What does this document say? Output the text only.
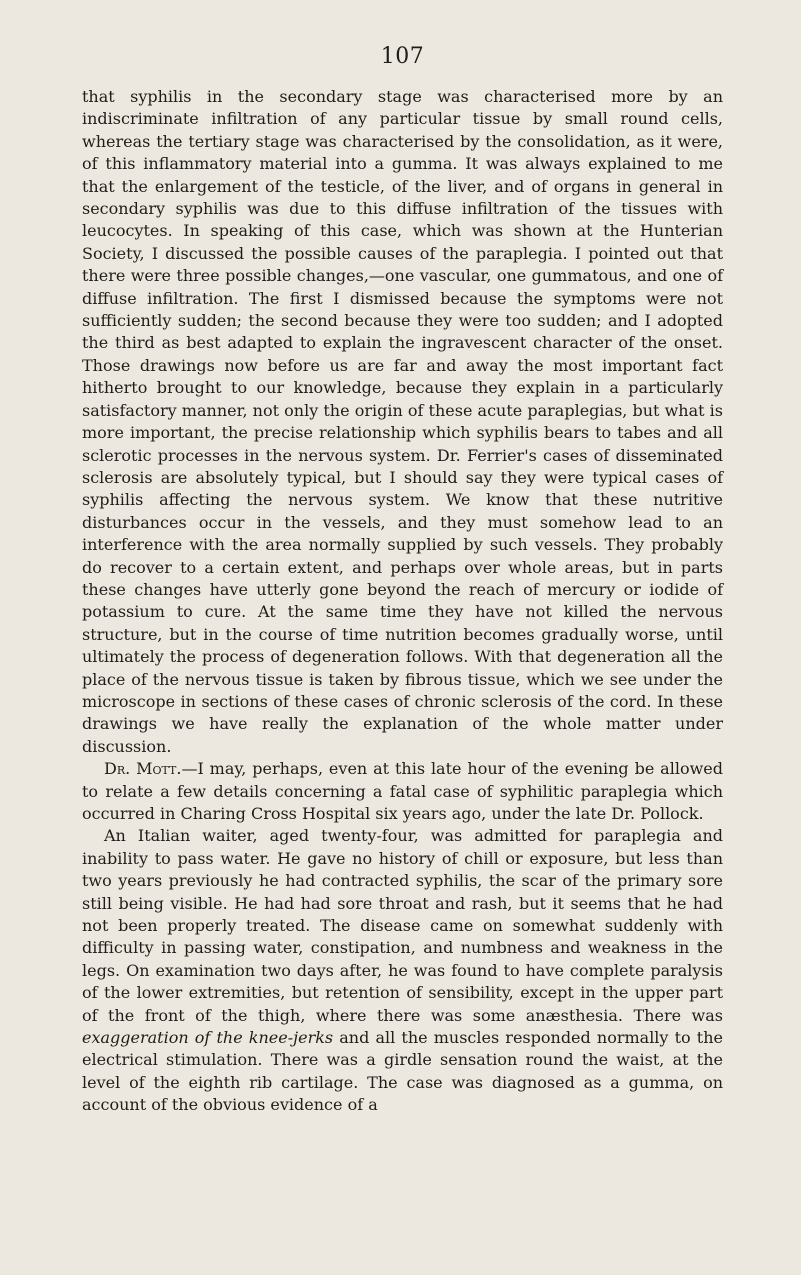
107

that syphilis in the secondary stage was characterised more by an indiscriminate infiltration of any particular tissue by small round cells, whereas the tertiary stage was characterised by the consolidation, as it were, of this inflammatory material into a gumma. It was always explained to me that the enlargement of the testicle, of the liver, and of organs in general in secondary syphilis was due to this diffuse infiltration of the tissues with leucocytes. In speaking of this case, which was shown at the Hunterian Society, I discussed the possible causes of the paraplegia. I pointed out that there were three possible changes,—one vascular, one gummatous, and one of diffuse infiltration. The first I dismissed because the symptoms were not sufficiently sudden; the second because they were too sudden; and I adopted the third as best adapted to explain the ingravescent character of the onset. Those drawings now before us are far and away the most important fact hitherto brought to our knowledge, because they explain in a particularly satisfactory manner, not only the origin of these acute paraplegias, but what is more important, the precise relationship which syphilis bears to tabes and all sclerotic processes in the nervous system. Dr. Ferrier's cases of disseminated sclerosis are absolutely typical, but I should say they were typical cases of syphilis affecting the nervous system. We know that these nutritive disturbances occur in the vessels, and they must somehow lead to an interference with the area normally supplied by such vessels. They probably do recover to a certain extent, and perhaps over whole areas, but in parts these changes have utterly gone beyond the reach of mercury or iodide of potassium to cure. At the same time they have not killed the nervous structure, but in the course of time nutrition becomes gradually worse, until ultimately the process of degeneration follows. With that degeneration all the place of the nervous tissue is taken by fibrous tissue, which we see under the microscope in sections of these cases of chronic sclerosis of the cord. In these drawings we have really the explanation of the whole matter under discussion.

Dr. Mott.—I may, perhaps, even at this late hour of the evening be allowed to relate a few details concerning a fatal case of syphilitic paraplegia which occurred in Charing Cross Hospital six years ago, under the late Dr. Pollock.

An Italian waiter, aged twenty-four, was admitted for paraplegia and inability to pass water. He gave no history of chill or exposure, but less than two years previously he had contracted syphilis, the scar of the primary sore still being visible. He had had sore throat and rash, but it seems that he had not been properly treated. The disease came on somewhat suddenly with difficulty in passing water, constipation, and numbness and weakness in the legs. On examination two days after, he was found to have complete paralysis of the lower extremities, but retention of sensibility, except in the upper part of the front of the thigh, where there was some anæsthesia. There was exaggeration of the knee-jerks and all the muscles responded normally to the electrical stimulation. There was a girdle sensation round the waist, at the level of the eighth rib cartilage. The case was diagnosed as a gumma, on account of the obvious evidence of a
